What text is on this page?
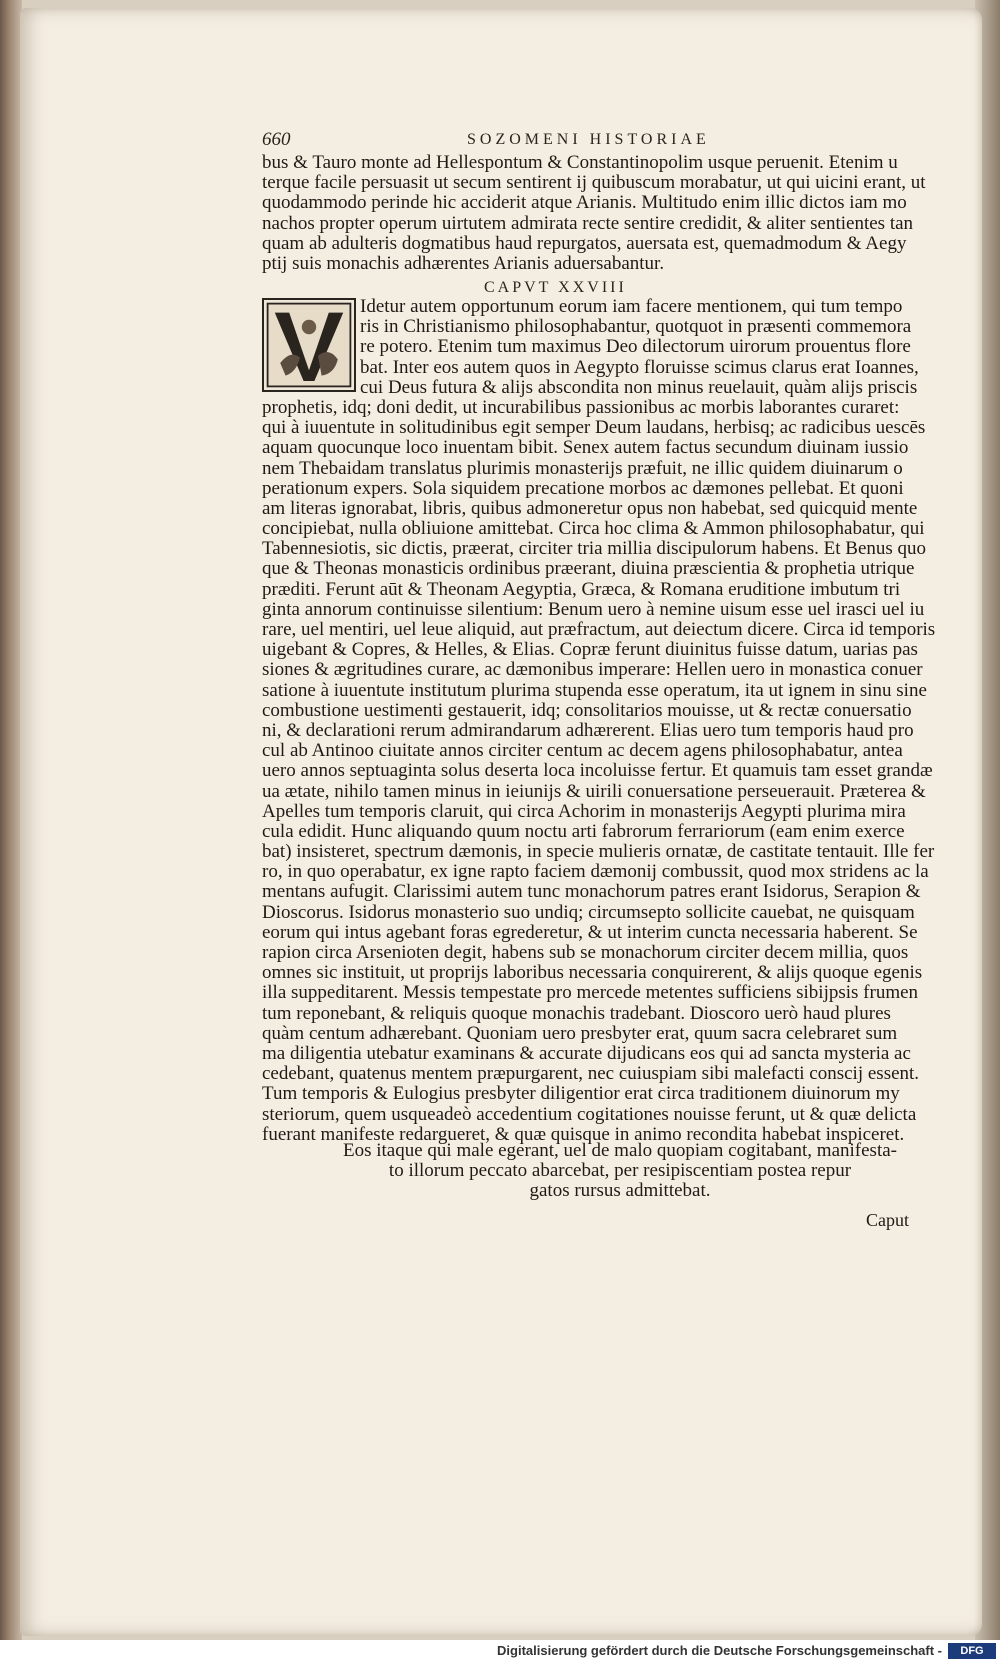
660	SOZOMENI HISTORIAE
bus & Tauro monte ad Hellespontum & Constantinopolim usque peruenit. Etenim u
terque facile persuasit ut secum sentirent ij quibuscum morabatur, ut qui uicini erant, ut
quodammodo perinde hic acciderit atque Arianis. Multitudo enim illic dictos iam mo
nachos propter operum uirtutem admirata recte sentire credidit, & aliter sentientes tan
quam ab adulteris dogmatibus haud repurgatos, auersata est, quemadmodum & Aegy
ptij suis monachis adhærentes Arianis aduersabantur.
CAPVT XXVIII
Idetur autem opportunum eorum iam facere mentionem, qui tum tempo
ris in Christianismo philosophabantur, quotquot in præsenti commemora
re potero. Etenim tum maximus Deo dilectorum uirorum prouentus flore
bat. Inter eos autem quos in Aegypto floruisse scimus clarus erat Ioannes,
cui Deus futura & alijs abscondita non minus reuelauit, quàm alijs priscis
prophetis, idq; doni dedit, ut incurabilibus passionibus ac morbis laborantes curaret:
qui à iuuentute in solitudinibus egit semper Deum laudans, herbisq; ac radicibus uescēs
aquam quocunque loco inuentam bibit. Senex autem factus secundum diuinam iussio
nem Thebaidam translatus plurimis monasterijs præfuit, ne illic quidem diuinarum o
perationum expers. Sola siquidem precatione morbos ac dæmones pellebat. Et quoni
am literas ignorabat, libris, quibus admoneretur opus non habebat, sed quicquid mente
concipiebat, nulla obliuione amittebat. Circa hoc clima & Ammon philosophabatur, qui
Tabennesiotis, sic dictis, præerat, circiter tria millia discipulorum habens. Et Benus quo
que & Theonas monasticis ordinibus præerant, diuina præscientia & prophetia utrique
præditi. Ferunt aūt & Theonam Aegyptia, Græca, & Romana eruditione imbutum tri
ginta annorum continuisse silentium: Benum uero à nemine uisum esse uel irasci uel iu
rare, uel mentiri, uel leue aliquid, aut præfractum, aut deiectum dicere. Circa id temporis
uigebant & Copres, & Helles, & Elias. Copræ ferunt diuinitus fuisse datum, uarias pas
siones & ægritudines curare, ac dæmonibus imperare: Hellen uero in monastica conuer
satione à iuuentute institutum plurima stupenda esse operatum, ita ut ignem in sinu sine
combustione uestimenti gestauerit, idq; consolitarios mouisse, ut & rectæ conuersatio
ni, & declarationi rerum admirandarum adhærerent. Elias uero tum temporis haud pro
cul ab Antinoo ciuitate annos circiter centum ac decem agens philosophabatur, antea
uero annos septuaginta solus deserta loca incoluisse fertur. Et quamuis tam esset grandæ
ua ætate, nihilo tamen minus in ieiunijs & uirili conuersatione perseuerauit. Præterea &
Apelles tum temporis claruit, qui circa Achorim in monasterijs Aegypti plurima mira
cula edidit. Hunc aliquando quum noctu arti fabrorum ferrariorum (eam enim exerce
bat) insisteret, spectrum dæmonis, in specie mulieris ornatæ, de castitate tentauit. Ille fer
ro, in quo operabatur, ex igne rapto faciem dæmonij combussit, quod mox stridens ac la
mentans aufugit. Clarissimi autem tunc monachorum patres erant Isidorus, Serapion &
Dioscorus. Isidorus monasterio suo undiq; circumsepto sollicite cauebat, ne quisquam
eorum qui intus agebant foras egrederetur, & ut interim cuncta necessaria haberent. Se
rapion circa Arsenioten degit, habens sub se monachorum circiter decem millia, quos
omnes sic instituit, ut proprijs laboribus necessaria conquirerent, & alijs quoque egenis
illa suppeditarent. Messis tempestate pro mercede metentes sufficiens sibijpsis frumen
tum reponebant, & reliquis quoque monachis tradebant. Dioscoro uerò haud plures
quàm centum adhærebant. Quoniam uero presbyter erat, quum sacra celebraret sum
ma diligentia utebatur examinans & accurate dijudicans eos qui ad sancta mysteria ac
cedebant, quatenus mentem præpurgarent, nec cuiuspiam sibi malefacti conscij essent.
Tum temporis & Eulogius presbyter diligentior erat circa traditionem diuinorum my
steriorum, quem usqueadeò accedentium cogitationes nouisse ferunt, ut & quæ delicta
fuerant manifeste redargueret, & quæ quisque in animo recondita habebat inspiceret.
Eos itaque qui male egerant, uel de malo quopiam cogitabant, manifesta-
to illorum peccato abarcebat, per resipiscentiam postea repur
gatos rursus admittebat.
Caput
Digitalisierung gefördert durch die Deutsche Forschungsgemeinschaft -	DFG
